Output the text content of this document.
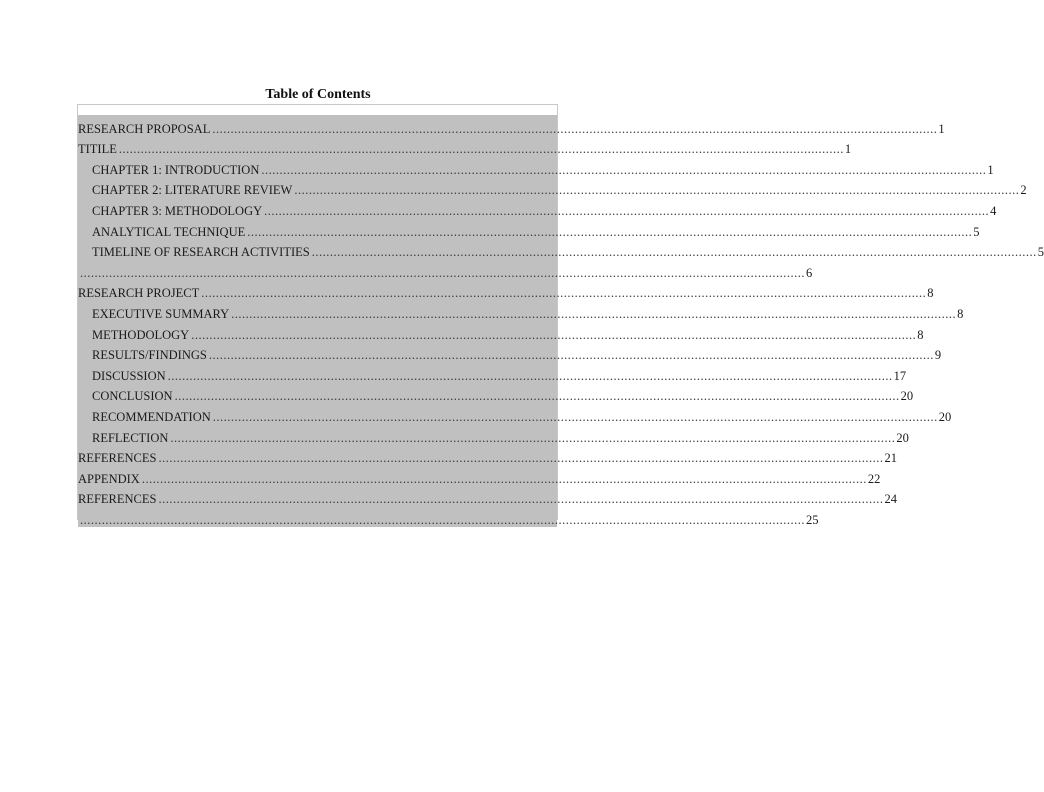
Table of Contents
RESEARCH PROPOSAL ........................................................................................................................................................................................................ 1
TITILE ........................................................................................................................................................................................................ 1
CHAPTER 1: INTRODUCTION ........................................................................................................................................................................................................ 1
CHAPTER 2: LITERATURE REVIEW ........................................................................................................................................................................................................ 2
CHAPTER 3: METHODOLOGY ........................................................................................................................................................................................................ 4
ANALYTICAL TECHNIQUE ........................................................................................................................................................................................................ 5
TIMELINE OF RESEARCH ACTIVITIES ........................................................................................................................................................................................................ 5
........................................................................................................................................................................................................ 6
RESEARCH PROJECT ........................................................................................................................................................................................................ 8
EXECUTIVE SUMMARY ........................................................................................................................................................................................................ 8
METHODOLOGY ........................................................................................................................................................................................................ 8
RESULTS/FINDINGS ........................................................................................................................................................................................................ 9
DISCUSSION ........................................................................................................................................................................................................ 17
CONCLUSION ........................................................................................................................................................................................................ 20
RECOMMENDATION ........................................................................................................................................................................................................ 20
REFLECTION ........................................................................................................................................................................................................ 20
REFERENCES ........................................................................................................................................................................................................ 21
APPENDIX ........................................................................................................................................................................................................ 22
REFERENCES ........................................................................................................................................................................................................ 24
........................................................................................................................................................................................................ 25
